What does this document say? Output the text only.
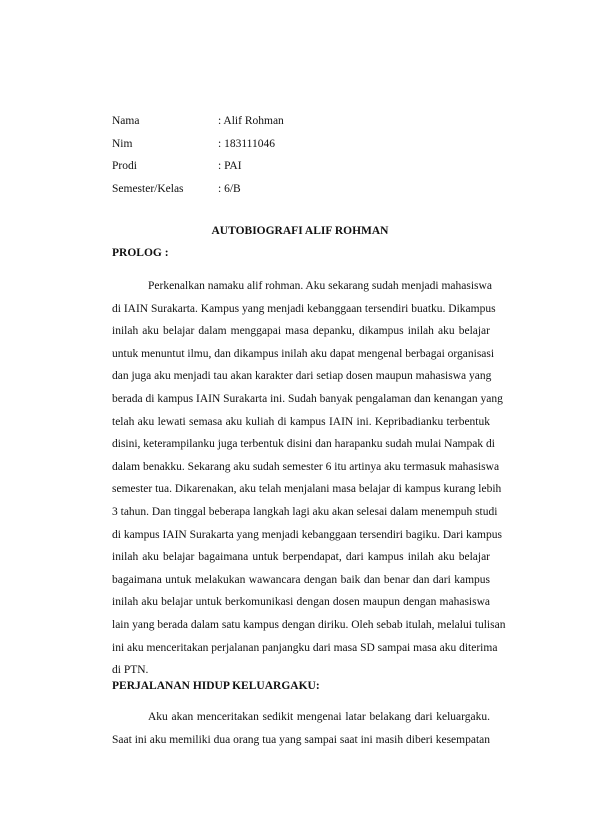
Nama	: Alif Rohman
Nim	: 183111046
Prodi	: PAI
Semester/Kelas	: 6/B
AUTOBIOGRAFI ALIF ROHMAN
PROLOG :
Perkenalkan namaku alif rohman. Aku sekarang sudah menjadi mahasiswa
di IAIN Surakarta. Kampus yang menjadi kebanggaan tersendiri buatku. Dikampus
inilah aku belajar dalam menggapai masa depanku, dikampus inilah aku belajar
untuk menuntut ilmu, dan dikampus inilah aku dapat mengenal berbagai organisasi
dan juga aku menjadi tau akan karakter dari setiap dosen maupun mahasiswa yang
berada di kampus IAIN Surakarta ini. Sudah banyak pengalaman dan kenangan yang
telah aku lewati semasa aku kuliah di kampus IAIN ini. Kepribadianku terbentuk
disini, keterampilanku juga terbentuk disini dan harapanku sudah mulai Nampak di
dalam benakku. Sekarang aku sudah semester 6 itu artinya aku termasuk mahasiswa
semester tua. Dikarenakan, aku telah menjalani masa belajar di kampus kurang lebih
3 tahun. Dan tinggal beberapa langkah lagi aku akan selesai dalam menempuh studi
di kampus IAIN Surakarta yang menjadi kebanggaan tersendiri bagiku. Dari kampus
inilah aku belajar bagaimana untuk berpendapat, dari kampus inilah aku belajar
bagaimana untuk melakukan wawancara dengan baik dan benar dan dari kampus
inilah aku belajar untuk berkomunikasi dengan dosen maupun dengan mahasiswa
lain yang berada dalam satu kampus dengan diriku. Oleh sebab itulah, melalui tulisan
ini aku menceritakan perjalanan panjangku dari masa SD sampai masa aku diterima
di PTN.
PERJALANAN HIDUP KELUARGAKU:
Aku akan menceritakan sedikit mengenai latar belakang dari keluargaku.
Saat ini aku memiliki dua orang tua yang sampai saat ini masih diberi kesempatan
